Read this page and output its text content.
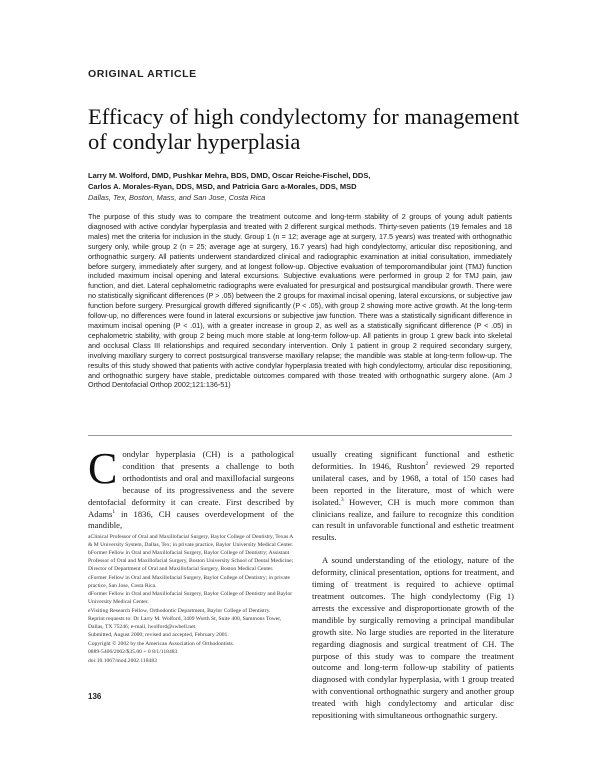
ORIGINAL ARTICLE
Efficacy of high condylectomy for management of condylar hyperplasia
Larry M. Wolford, DMD, Pushkar Mehra, BDS, DMD, Oscar Reiche-Fischel, DDS,
Carlos A. Morales-Ryan, DDS, MSD, and Patricia Garc a-Morales, DDS, MSD
Dallas, Tex, Boston, Mass, and San Jose, Costa Rica
The purpose of this study was to compare the treatment outcome and long-term stability of 2 groups of young adult patients diagnosed with active condylar hyperplasia and treated with 2 different surgical methods. Thirty-seven patients (19 females and 18 males) met the criteria for inclusion in the study. Group 1 (n = 12; average age at surgery, 17.5 years) was treated with orthognathic surgery only, while group 2 (n = 25; average age at surgery, 16.7 years) had high condylectomy, articular disc repositioning, and orthognathic surgery. All patients underwent standardized clinical and radiographic examination at initial consultation, immediately before surgery, immediately after surgery, and at longest follow-up. Objective evaluation of temporomandibular joint (TMJ) function included maximum incisal opening and lateral excursions. Subjective evaluations were performed in group 2 for TMJ pain, jaw function, and diet. Lateral cephalometric radiographs were evaluated for presurgical and postsurgical mandibular growth. There were no statistically significant differences (P > .05) between the 2 groups for maximal incisal opening, lateral excursions, or subjective jaw function before surgery. Presurgical growth differed significantly (P < .05), with group 2 showing more active growth. At the long-term follow-up, no differences were found in lateral excursions or subjective jaw function. There was a statistically significant difference in maximum incisal opening (P < .01), with a greater increase in group 2, as well as a statistically significant difference (P < .05) in cephalometric stability, with group 2 being much more stable at long-term follow-up. All patients in group 1 grew back into skeletal and occlusal Class III relationships and required secondary intervention. Only 1 patient in group 2 required secondary surgery, involving maxillary surgery to correct postsurgical transverse maxillary relapse; the mandible was stable at long-term follow-up. The results of this study showed that patients with active condylar hyperplasia treated with high condylectomy, articular disc repositioning, and orthognathic surgery have stable, predictable outcomes compared with those treated with orthognathic surgery alone. (Am J Orthod Dentofacial Orthop 2002;121:136-51)
Condylar hyperplasia (CH) is a pathological condition that presents a challenge to both orthodontists and oral and maxillofacial surgeons because of its progressiveness and the severe dentofacial deformity it can create. First described by Adams$^1$ in 1836, CH causes overdevelopment of the mandible,

aClinical Professor of Oral and Maxillofacial Surgery, Baylor College of Dentistry, Texas A & M University System, Dallas, Tex; in private practice, Baylor University Medical Center.

bFormer Fellow in Oral and Maxillofacial Surgery, Baylor College of Dentistry; Assistant Professor of Oral and Maxillofacial Surgery, Boston University School of Dental Medicine; Director of Department of Oral and Maxillofacial Surgery, Boston Medical Center.

cFormer Fellow in Oral and Maxillofacial Surgery, Baylor College of Dentistry; in private practice, San Jose, Costa Rica.

dFormer Fellow in Oral and Maxillofacial Surgery, Baylor College of Dentistry and Baylor University Medical Center.

eVisiting Research Fellow, Orthodontic Department, Baylor College of Dentistry.

Reprint requests to: Dr Larry M. Wolford, 3409 Worth St, Suite 400, Sammons Tower, Dallas, TX 75246; e-mail, lwolford@swbell.net.

Submitted, August 2000; revised and accepted, February 2001.

Copyright © 2002 by the American Association of Orthodontists.

0889-5406/2002/$35.00 + 0 8/1/118483

doi:10.1067/mod.2002.118483

usually creating significant functional and esthetic deformities. In 1946, Rushton$^2$ reviewed 29 reported unilateral cases, and by 1968, a total of 150 cases had been reported in the literature, most of which were isolated.$^3$ However, CH is much more common than clinicians realize, and failure to recognize this condition can result in unfavorable functional and esthetic treatment results.

A sound understanding of the etiology, nature of the deformity, clinical presentation, options for treatment, and timing of treatment is required to achieve optimal treatment outcomes. The high condylectomy (Fig 1) arrests the excessive and disproportionate growth of the mandible by surgically removing a principal mandibular growth site. No large studies are reported in the literature regarding diagnosis and surgical treatment of CH. The purpose of this study was to compare the treatment outcome and long-term follow-up stability of patients diagnosed with condylar hyperplasia, with 1 group treated with conventional orthognathic surgery and another group treated with high condylectomy and articular disc repositioning with simultaneous orthognathic surgery.

136
